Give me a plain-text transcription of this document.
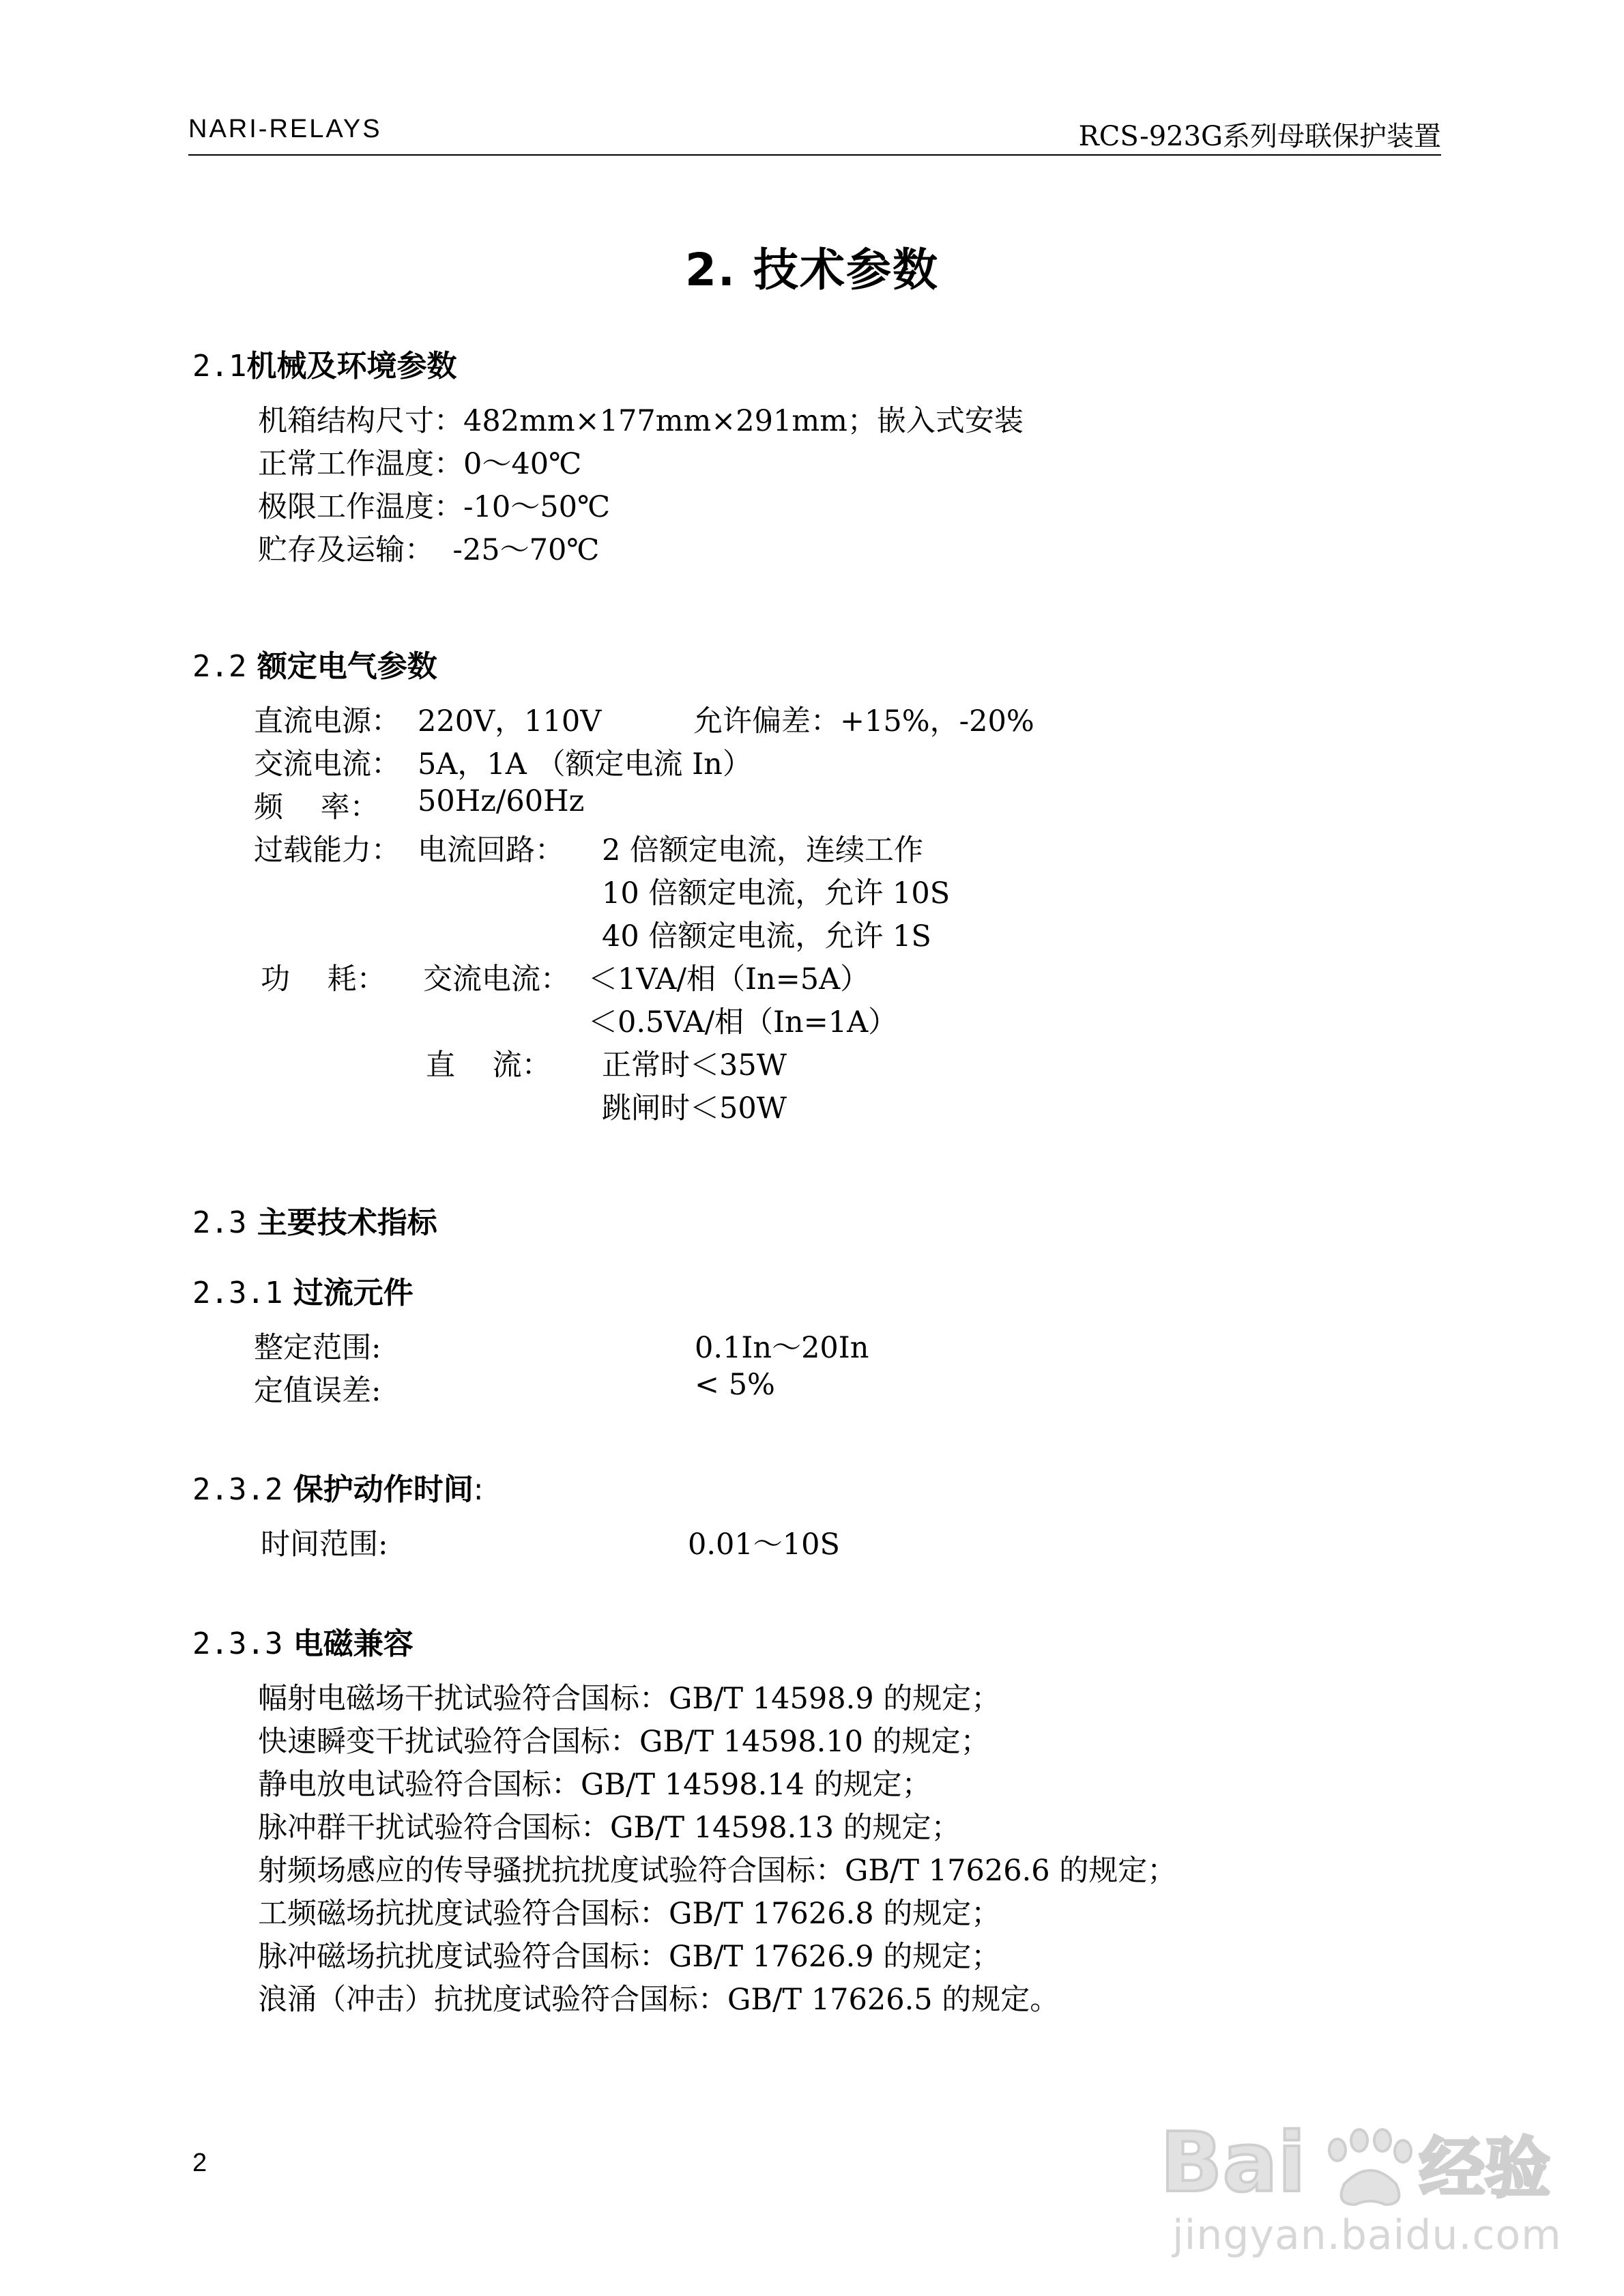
NARI-RELAYS	RCS-923G系列母联保护装置
2. 技术参数
2.1机械及环境参数
机箱结构尺寸：482mm×177mm×291mm；嵌入式安装
正常工作温度：0～40℃
极限工作温度：-10～50℃
贮存及运输：  -25～70℃
2.2 额定电气参数
直流电源： 220V，110V	允许偏差：+15%，-20%
交流电流： 5A，1A （额定电流 In）
频    率： 50Hz/60Hz
过载能力： 电流回路： 2 倍额定电流，连续工作
10 倍额定电流，允许 10S
40 倍额定电流，允许 1S
功    耗： 交流电流： ＜1VA/相（In=5A）
＜0.5VA/相（In=1A）
直    流： 正常时＜35W
跳闸时＜50W
2.3 主要技术指标
2.3.1 过流元件
整定范围:	0.1In～20In
定值误差:	< 5%
2.3.2 保护动作时间:
时间范围:	0.01～10S
2.3.3 电磁兼容
幅射电磁场干扰试验符合国标：GB/T 14598.9 的规定；
快速瞬变干扰试验符合国标：GB/T 14598.10 的规定；
静电放电试验符合国标：GB/T 14598.14 的规定；
脉冲群干扰试验符合国标：GB/T 14598.13 的规定；
射频场感应的传导骚扰抗扰度试验符合国标：GB/T 17626.6 的规定；
工频磁场抗扰度试验符合国标：GB/T 17626.8 的规定；
脉冲磁场抗扰度试验符合国标：GB/T 17626.9 的规定；
浪涌（冲击）抗扰度试验符合国标：GB/T 17626.5 的规定。
2	Bai 经验
jingyan.baidu.com
